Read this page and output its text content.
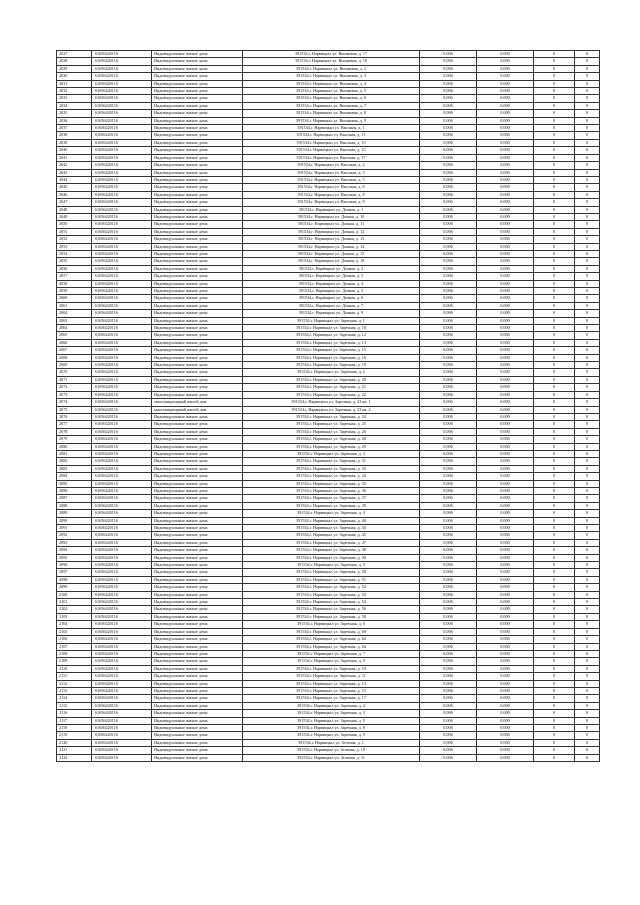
2027	61656420116	Индивидуальные жилые дома	391534,г. Нарвицкал ул. Вишневая, д. 17	0,006	0,000	0	0
2028	61656420116	Индивидуальные жилые дома	391534,г. Нарвицкал ул. Вишневая, д. 18	0,006	0,000	0	0
2029	61656420116	Индивидуальные жилые дома	391534,г. Нарвицкал ул. Вишневая, д. 2	0,006	0,000	0	0
2030	61656420116	Индивидуальные жилые дома	391534,г. Нарвицкал ул. Вишневая, д. 3	0,006	0,000	0	0
2031	61656420116	Индивидуальные жилые дома	391534,г. Нарвицкал ул. Вишневая, д. 4	0,006	0,000	0	0
2032	61656420116	Индивидуальные жилые дома	391534,г. Нарвицкал ул. Вишневая, д. 5	0,006	0,000	0	0
2033	61656420116	Индивидуальные жилые дома	391534,г. Нарвицкал ул. Вишневая, д. 6	0,006	0,000	0	0
2034	61656420116	Индивидуальные жилые дома	391534,г. Нарвицкал ул. Вишневая, д. 7	0,006	0,000	0	0
2035	61656420116	Индивидуальные жилые дома	391534,г. Нарвицкал ул. Вишневая, д. 8	0,006	0,000	0	0
2036	61656420116	Индивидуальные жилые дома	391534,г. Нарвицкал ул. Вишневая, д. 9	0,006	0,000	0	0
2037	61656420116	Индивидуальные жилые дома	391534,г. Нарвицкал ул. Высокая, д. 1	0,006	0,000	0	0
2038	61656420116	Индивидуальные жилые дома	391534,г. Нарвицкал ул. Высокая, д. 11	0,006	0,000	0	0
2039	61656420116	Индивидуальные жилые дома	391534,г. Нарвицкал ул. Высокая, д. 13	0,006	0,000	0	0
2040	61656420116	Индивидуальные жилые дома	391534,г. Нарвицкал ул. Высокая, д. 15	0,006	0,000	0	0
2041	61656420116	Индивидуальные жилые дома	391534,г. Нарвицкал ул. Высокая, д. 17	0,006	0,000	0	0
2042	61656420116	Индивидуальные жилые дома	391534,г. Нарвицкал ул. Высокая, д. 2	0,006	0,000	0	0
2043	61656420116	Индивидуальные жилые дома	391534,г. Нарвицкал ул. Высокая, д. 3	0,006	0,000	0	0
2044	61656420116	Индивидуальные жилые дома	391534,г. Нарвицкал ул. Высокая, д. 5	0,006	0,000	0	0
2045	61656420116	Индивидуальные жилые дома	391534,г. Нарвицкал ул. Высокая, д. 6	0,006	0,000	0	0
2046	61656420116	Индивидуальные жилые дома	391534,г. Нарвицкал ул. Высокая, д. 8	0,006	0,000	0	0
2047	61656420116	Индивидуальные жилые дома	391534,г. Нарвицкал ул. Высокая, д. 9	0,006	0,000	0	0
2048	61656420116	Индивидуальные жилые дома	391534,г. Нарвицкал ул. Дачная, д. 1	0,006	0,000	0	0
2049	61656420116	Индивидуальные жилые дома	391534,г. Нарвицкал ул. Дачная, д. 10	0,006	0,000	0	0
2050	61656420116	Индивидуальные жилые дома	391534,г. Нарвицкал ул. Дачная, д. 11	0,006	0,000	0	0
2051	61656420116	Индивидуальные жилые дома	391534,г. Нарвицкал ул. Дачная, д. 12	0,006	0,000	0	0
2052	61656420116	Индивидуальные жилые дома	391534,г. Нарвицкал ул. Дачная, д. 13	0,006	0,000	0	0
2053	61656420116	Индивидуальные жилые дома	391534,г. Нарвицкал ул. Дачная, д. 14	0,006	0,000	0	0
2054	61656420116	Индивидуальные жилые дома	391534,г. Нарвицкал ул. Дачная, д. 15	0,006	0,000	0	0
2055	61656420116	Индивидуальные жилые дома	391534,г. Нарвицкал ул. Дачная, д. 18	0,006	0,000	0	0
2056	61656420116	Индивидуальные жилые дома	391534,г. Нарвицкал ул. Дачная, д. 2	0,006	0,000	0	0
2057	61656420116	Индивидуальные жилые дома	391534,г. Нарвицкал ул. Дачная, д. 3	0,006	0,000	0	0
2058	61656420116	Индивидуальные жилые дома	391534,г. Нарвицкал ул. Дачная, д. 4	0,006	0,000	0	0
2059	61656420116	Индивидуальные жилые дома	391534,г. Нарвицкал ул. Дачная, д. 5	0,006	0,000	0	0
2060	61656420116	Индивидуальные жилые дома	391534,г. Нарвицкал ул. Дачная, д. 6	0,006	0,000	0	0
2061	61656420116	Индивидуальные жилые дома	391534,г. Нарвицкал ул. Дачная, д. 7	0,006	0,000	0	0
2062	61656420116	Индивидуальные жилые дома	391534,г. Нарвицкал ул. Дачная, д. 9	0,006	0,000	0	0
2063	61656420116	Индивидуальные жилые дома	391534,г. Нарвицкал ул. Заречная, д. 1	0,006	0,000	0	0
2064	61656420116	Индивидуальные жилые дома	391534,г. Нарвицкал ул. Заречная, д. 10	0,006	0,000	0	0
2065	61656420116	Индивидуальные жилые дома	391534,г. Нарвицкал ул. Заречная, д. 12	0,006	0,000	0	0
2066	61656420116	Индивидуальные жилые дома	391534,г. Нарвицкал ул. Заречная, д. 13	0,006	0,000	0	0
2067	61656420116	Индивидуальные жилые дома	391534,г. Нарвицкал ул. Заречная, д. 15	0,006	0,000	0	0
2068	61656420116	Индивидуальные жилые дома	391534,г. Нарвицкал ул. Заречная, д. 16	0,006	0,000	0	0
2069	61656420116	Индивидуальные жилые дома	391534,г. Нарвицкал ул. Заречная, д. 19	0,006	0,000	0	0
2070	61656420116	Индивидуальные жилые дома	391534,г. Нарвицкал ул. Заречная, д. 2	0,006	0,000	0	0
2071	61656420116	Индивидуальные жилые дома	391534,г. Нарвицкал ул. Заречная, д. 20	0,006	0,000	0	0
2072	61656420116	Индивидуальные жилые дома	391534,г. Нарвицкал ул. Заречная, д. 21	0,006	0,000	0	0
2073	61656420116	Индивидуальные жилые дома	391534,г. Нарвицкал ул. Заречная, д. 22	0,006	0,000	0	0
2074	61656420116	многоквартирный жилой дом	391534,г. Нарвицкал ул. Заречная, д. 23 кв. 1	0,006	0,000	0	0
2075	61656420116	многоквартирный жилой дом	391534,г. Нарвицкал ул. Заречная, д. 23 кв. 2	0,006	0,000	0	0
2076	61656420116	Индивидуальные жилые дома	391534,г. Нарвицкал ул. Заречная, д. 24	0,006	0,000	0	0
2077	61656420116	Индивидуальные жилые дома	391534,г. Нарвицкал ул. Заречная, д. 25	0,006	0,000	0	0
2078	61656420116	Индивидуальные жилые дома	391534,г. Нарвицкал ул. Заречная, д. 26	0,006	0,000	0	0
2079	61656420116	Индивидуальные жилые дома	391534,г. Нарвицкал ул. Заречная, д. 28	0,006	0,000	0	0
2080	61656420116	Индивидуальные жилые дома	391534,г. Нарвицкал ул. Заречная, д. 29	0,006	0,000	0	0
2081	61656420116	Индивидуальные жилые дома	391534,г. Нарвицкал ул. Заречная, д. 3	0,006	0,000	0	0
2082	61656420116	Индивидуальные жилые дома	391534,г. Нарвицкал ул. Заречная, д. 31	0,006	0,000	0	0
2083	61656420116	Индивидуальные жилые дома	391534,г. Нарвицкал ул. Заречная, д. 33	0,006	0,000	0	0
2084	61656420116	Индивидуальные жилые дома	391534,г. Нарвицкал ул. Заречная, д. 34	0,006	0,000	0	0
2085	61656420116	Индивидуальные жилые дома	391534,г. Нарвицкал ул. Заречная, д. 35	0,006	0,000	0	0
2086	61656420116	Индивидуальные жилые дома	391534,г. Нарвицкал ул. Заречная, д. 36	0,006	0,000	0	0
2087	61656420116	Индивидуальные жилые дома	391534,г. Нарвицкал ул. Заречная, д. 37	0,006	0,000	0	0
2088	61656420116	Индивидуальные жилые дома	391534,г. Нарвицкал ул. Заречная, д. 39	0,006	0,000	0	0
2089	61656420116	Индивидуальные жилые дома	391534,г. Нарвицкал ул. Заречная, д. 4	0,006	0,000	0	0
2090	61656420116	Индивидуальные жилые дома	391534,г. Нарвицкал ул. Заречная, д. 40	0,006	0,000	0	0
2091	61656420116	Индивидуальные жилые дома	391534,г. Нарвицкал ул. Заречная, д. 43	0,006	0,000	0	0
2092	61656420116	Индивидуальные жилые дома	391534,г. Нарвицкал ул. Заречная, д. 45	0,006	0,000	0	0
2093	61656420116	Индивидуальные жилые дома	391534,г. Нарвицкал ул. Заречная, д. 47	0,006	0,000	0	0
2094	61656420116	Индивидуальные жилые дома	391534,г. Нарвицкал ул. Заречная, д. 48	0,006	0,000	0	0
2095	61656420116	Индивидуальные жилые дома	391534,г. Нарвицкал ул. Заречная, д. 49	0,006	0,000	0	0
2096	61656420116	Индивидуальные жилые дома	391534,г. Нарвицкал ул. Заречная, д. 5	0,006	0,000	0	0
2097	61656420116	Индивидуальные жилые дома	391534,г. Нарвицкал ул. Заречная, д. 50	0,006	0,000	0	0
2098	61656420116	Индивидуальные жилые дома	391534,г. Нарвицкал ул. Заречная, д. 51	0,006	0,000	0	0
2099	61656420116	Индивидуальные жилые дома	391534,г. Нарвицкал ул. Заречная, д. 52	0,006	0,000	0	0
2100	61656420116	Индивидуальные жилые дома	391534,г. Нарвицкал ул. Заречная, д. 53	0,006	0,000	0	0
2101	61656420116	Индивидуальные жилые дома	391534,г. Нарвицкал ул. Заречная, д. 54	0,006	0,000	0	0
2102	61656420116	Индивидуальные жилые дома	391534,г. Нарвицкал ул. Заречная, д. 56	0,006	0,000	0	0
2103	61656420116	Индивидуальные жилые дома	391534,г. Нарвицкал ул. Заречная, д. 58	0,006	0,000	0	0
2104	61656420116	Индивидуальные жилые дома	391534,г. Нарвицкал ул. Заречная, д. 6	0,006	0,000	0	0
2105	61656420116	Индивидуальные жилые дома	391534,г. Нарвицкал ул. Заречная, д. 60	0,006	0,000	0	0
2106	61656420116	Индивидуальные жилые дома	391534,г. Нарвицкал ул. Заречная, д. 62	0,006	0,000	0	0
2107	61656420116	Индивидуальные жилые дома	391534,г. Нарвицкал ул. Заречная, д. 64	0,006	0,000	0	0
2108	61656420116	Индивидуальные жилые дома	391534,г. Нарвицкал ул. Заречная, д. 7	0,006	0,000	0	0
2109	61656420116	Индивидуальные жилые дома	391534,г. Нарвицкал ул. Заречная, д. 9	0,006	0,000	0	0
2110	61656420116	Индивидуальные жилые дома	391534,г. Нарвицкал ул. Заречная, д. 10	0,006	0,000	0	0
2111	61656420116	Индивидуальные жилые дома	391534,г. Нарвицкал ул. Заречная, д. 11	0,006	0,000	0	0
2112	61656420116	Индивидуальные жилые дома	391534,г. Нарвицкал ул. Заречная, д. 13	0,006	0,000	0	0
2113	61656420116	Индивидуальные жилые дома	391534,г. Нарвицкал ул. Заречная, д. 15	0,006	0,000	0	0
2114	61656420116	Индивидуальные жилые дома	391534,г. Нарвицкал ул. Заречная, д. 17	0,006	0,000	0	0
2115	61656420116	Индивидуальные жилые дома	391534,г. Нарвицкал ул. Заречная, д. 2	0,006	0,000	0	0
2116	61656420116	Индивидуальные жилые дома	391534,г. Нарвицкал ул. Заречная, д. 3	0,006	0,000	0	0
2117	61656420116	Индивидуальные жилые дома	391534,г. Нарвицкал ул. Заречная, д. 5	0,006	0,000	0	0
2118	61656420116	Индивидуальные жилые дома	391534,г. Нарвицкал ул. Заречная, д. 8	0,006	0,000	0	0
2119	61656420116	Индивидуальные жилые дома	391534,г. Нарвицкал ул. Заречная, д. 9	0,006	0,000	0	0
2120	61656420116	Индивидуальные жилые дома	391534,г. Нарвицкал ул. Зеленая, д. 1	0,006	0,000	0	0
2121	61656420116	Индивидуальные жилые дома	391534,г. Нарвицкал ул. Зеленая, д. 10	0,006	0,000	0	0
2122	61656420116	Индивидуальные жилые дома	391534,г. Нарвицкал ул. Зеленая, д. 11	0,006	0,000	0	0
